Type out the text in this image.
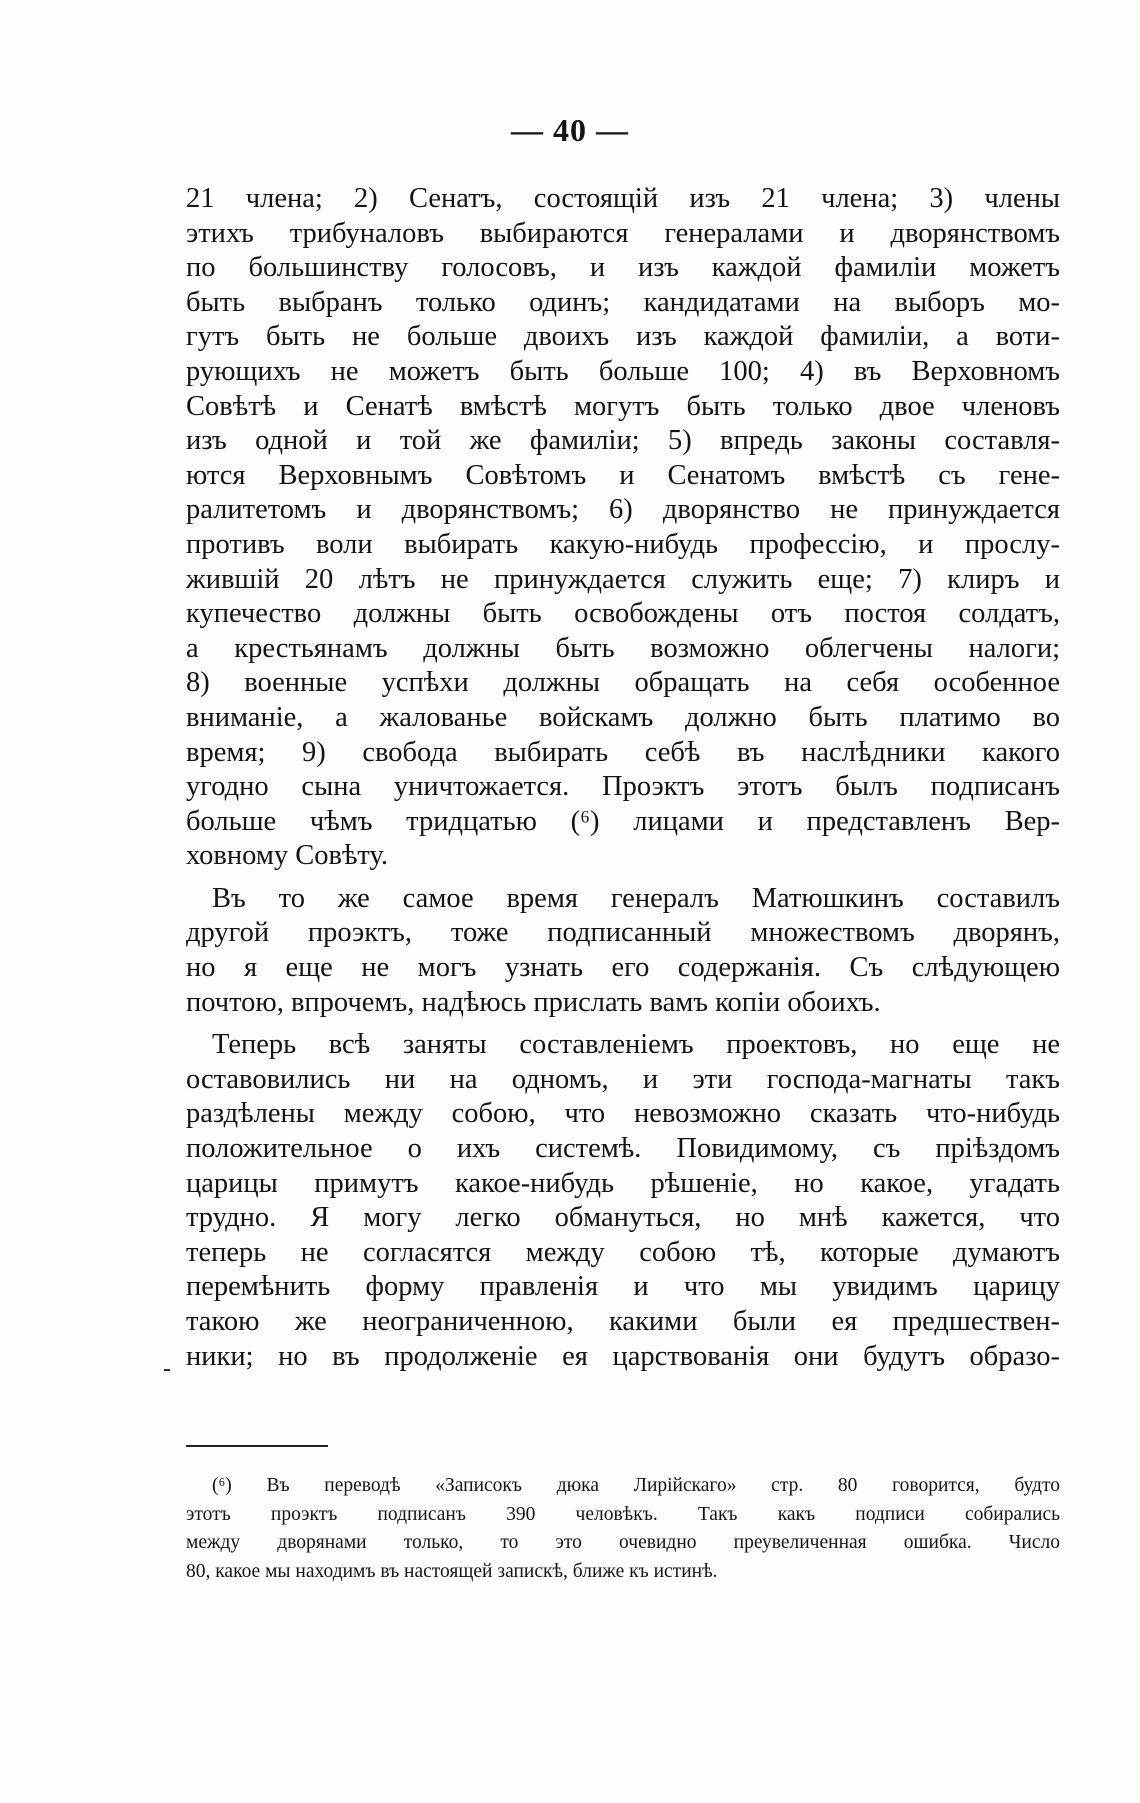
— 40 —
21 члена; 2) Сенатъ, состоящій изъ 21 члена; 3) члены
этихъ трибуналовъ выбираются генералами и дворянствомъ
по большинству голосовъ, и изъ каждой фамиліи можетъ
быть выбранъ только одинъ; кандидатами на выборъ мо-
гутъ быть не больше двоихъ изъ каждой фамиліи, а воти-
рующихъ не можетъ быть больше 100; 4) въ Верховномъ
Совѣтѣ и Сенатѣ вмѣстѣ могутъ быть только двое членовъ
изъ одной и той же фамиліи; 5) впредь законы составля-
ются Верховнымъ Совѣтомъ и Сенатомъ вмѣстѣ съ гене-
ралитетомъ и дворянствомъ; 6) дворянство не принуждается
противъ воли выбирать какую-нибудь профессію, и прослу-
жившій 20 лѣтъ не принуждается служить еще; 7) клиръ и
купечество должны быть освобождены отъ постоя солдатъ,
а крестьянамъ должны быть возможно облегчены налоги;
8) военные успѣхи должны обращать на себя особенное
вниманіе, а жалованье войскамъ должно быть платимо во
время; 9) свобода выбирать себѣ въ наслѣдники какого
угодно сына уничтожается. Проэктъ этотъ былъ подписанъ
больше чѣмъ тридцатью (⁶) лицами и представленъ Вер-
ховному Совѣту.
Въ то же самое время генералъ Матюшкинъ составилъ
другой проэктъ, тоже подписанный множествомъ дворянъ,
но я еще не могъ узнать его содержанія. Съ слѣдующею
почтою, впрочемъ, надѣюсь прислать вамъ копіи обоихъ.
Теперь всѣ заняты составленіемъ проектовъ, но еще не
оставовились ни на одномъ, и эти господа-магнаты такъ
раздѣлены между собою, что невозможно сказать что-нибудь
положительное о ихъ системѣ. Повидимому, съ пріѣздомъ
царицы примутъ какое-нибудь рѣшеніе, но какое, угадать
трудно. Я могу легко обмануться, но мнѣ кажется, что
теперь не согласятся между собою тѣ, которые думаютъ
перемѣнить форму правленія и что мы увидимъ царицу
такою же неограниченною, какими были ея предшествен-
ники; но въ продолженіе ея царствованія они будутъ образо-
-
(⁶) Въ переводѣ «Записокъ дюка Лирійскаго» стр. 80 говорится, будто
этотъ проэктъ подписанъ 390 человѣкъ. Такъ какъ подписи собирались
между дворянами только, то это очевидно преувеличенная ошибка. Число
80, какое мы находимъ въ настоящей запискѣ, ближе къ истинѣ.
